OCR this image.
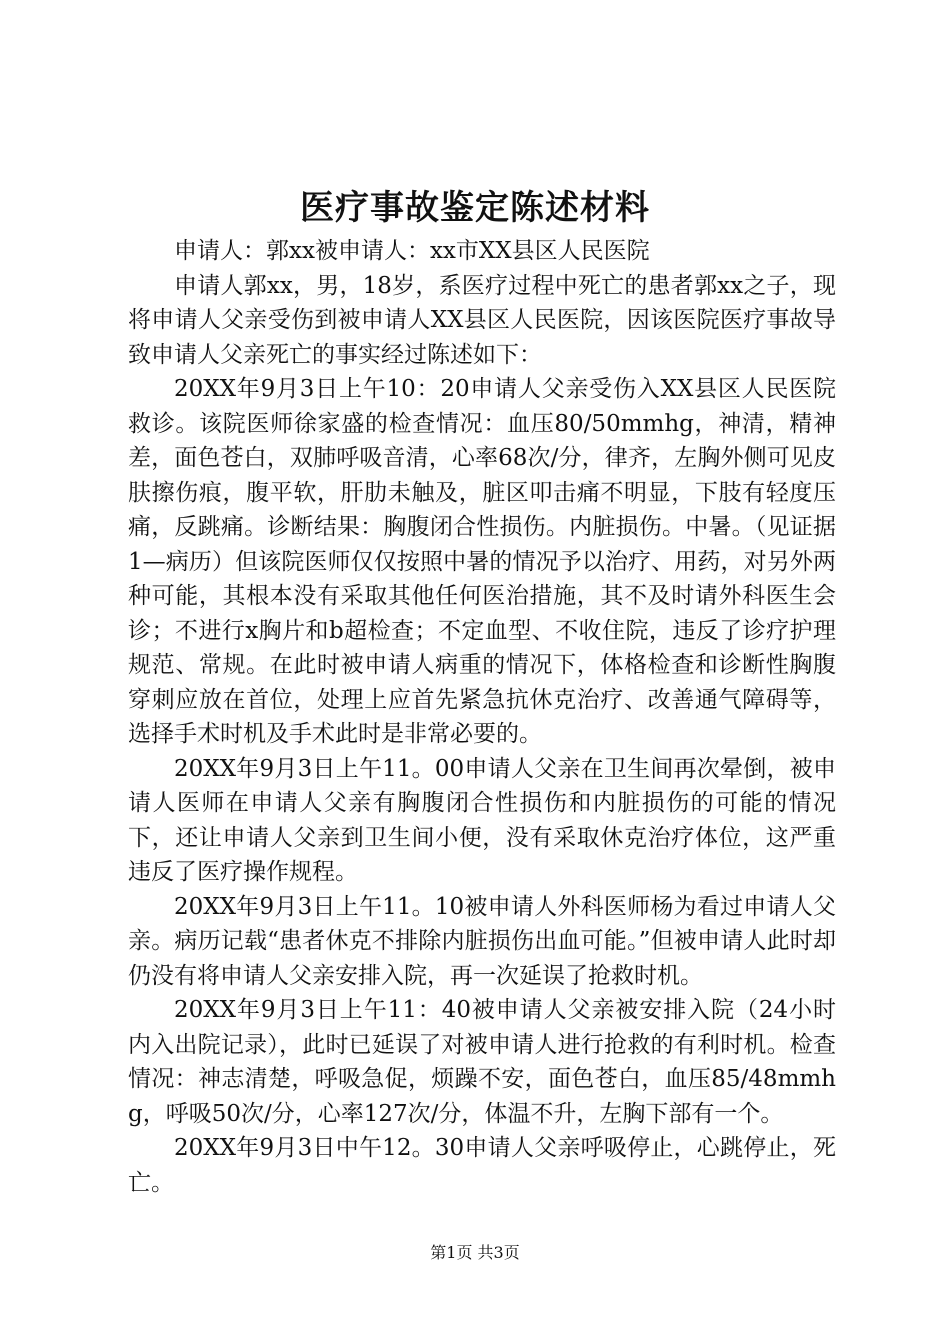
医疗事故鉴定陈述材料

申请人：郭xx被申请人：xx市XX县区人民医院

申请人郭xx，男，18岁，系医疗过程中死亡的患者郭xx之子，现将申请人父亲受伤到被申请人XX县区人民医院，因该医院医疗事故导致申请人父亲死亡的事实经过陈述如下：

20XX年9月3日上午10：20申请人父亲受伤入XX县区人民医院救诊。该院医师徐家盛的检查情况：血压80/50mmhg，神清，精神差，面色苍白，双肺呼吸音清，心率68次/分，律齐，左胸外侧可见皮肤擦伤痕，腹平软，肝肋未触及，脏区叩击痛不明显，下肢有轻度压痛，反跳痛。诊断结果：胸腹闭合性损伤。内脏损伤。中暑。（见证据1—病历）但该院医师仅仅按照中暑的情况予以治疗、用药，对另外两种可能，其根本没有采取其他任何医治措施，其不及时请外科医生会诊；不进行x胸片和b超检查；不定血型、不收住院，违反了诊疗护理规范、常规。在此时被申请人病重的情况下，体格检查和诊断性胸腹穿刺应放在首位，处理上应首先紧急抗休克治疗、改善通气障碍等，选择手术时机及手术此时是非常必要的。

20XX年9月3日上午11。00申请人父亲在卫生间再次晕倒，被申请人医师在申请人父亲有胸腹闭合性损伤和内脏损伤的可能的情况下，还让申请人父亲到卫生间小便，没有采取休克治疗体位，这严重违反了医疗操作规程。

20XX年9月3日上午11。10被申请人外科医师杨为看过申请人父亲。病历记载“患者休克不排除内脏损伤出血可能。”但被申请人此时却仍没有将申请人父亲安排入院，再一次延误了抢救时机。

20XX年9月3日上午11：40被申请人父亲被安排入院（24小时内入出院记录），此时已延误了对被申请人进行抢救的有利时机。检查情况：神志清楚，呼吸急促，烦躁不安，面色苍白，血压85/48mmhg，呼吸50次/分，心率127次/分，体温不升，左胸下部有一个。

20XX年9月3日中午12。30申请人父亲呼吸停止，心跳停止，死亡。

第1页 共3页
